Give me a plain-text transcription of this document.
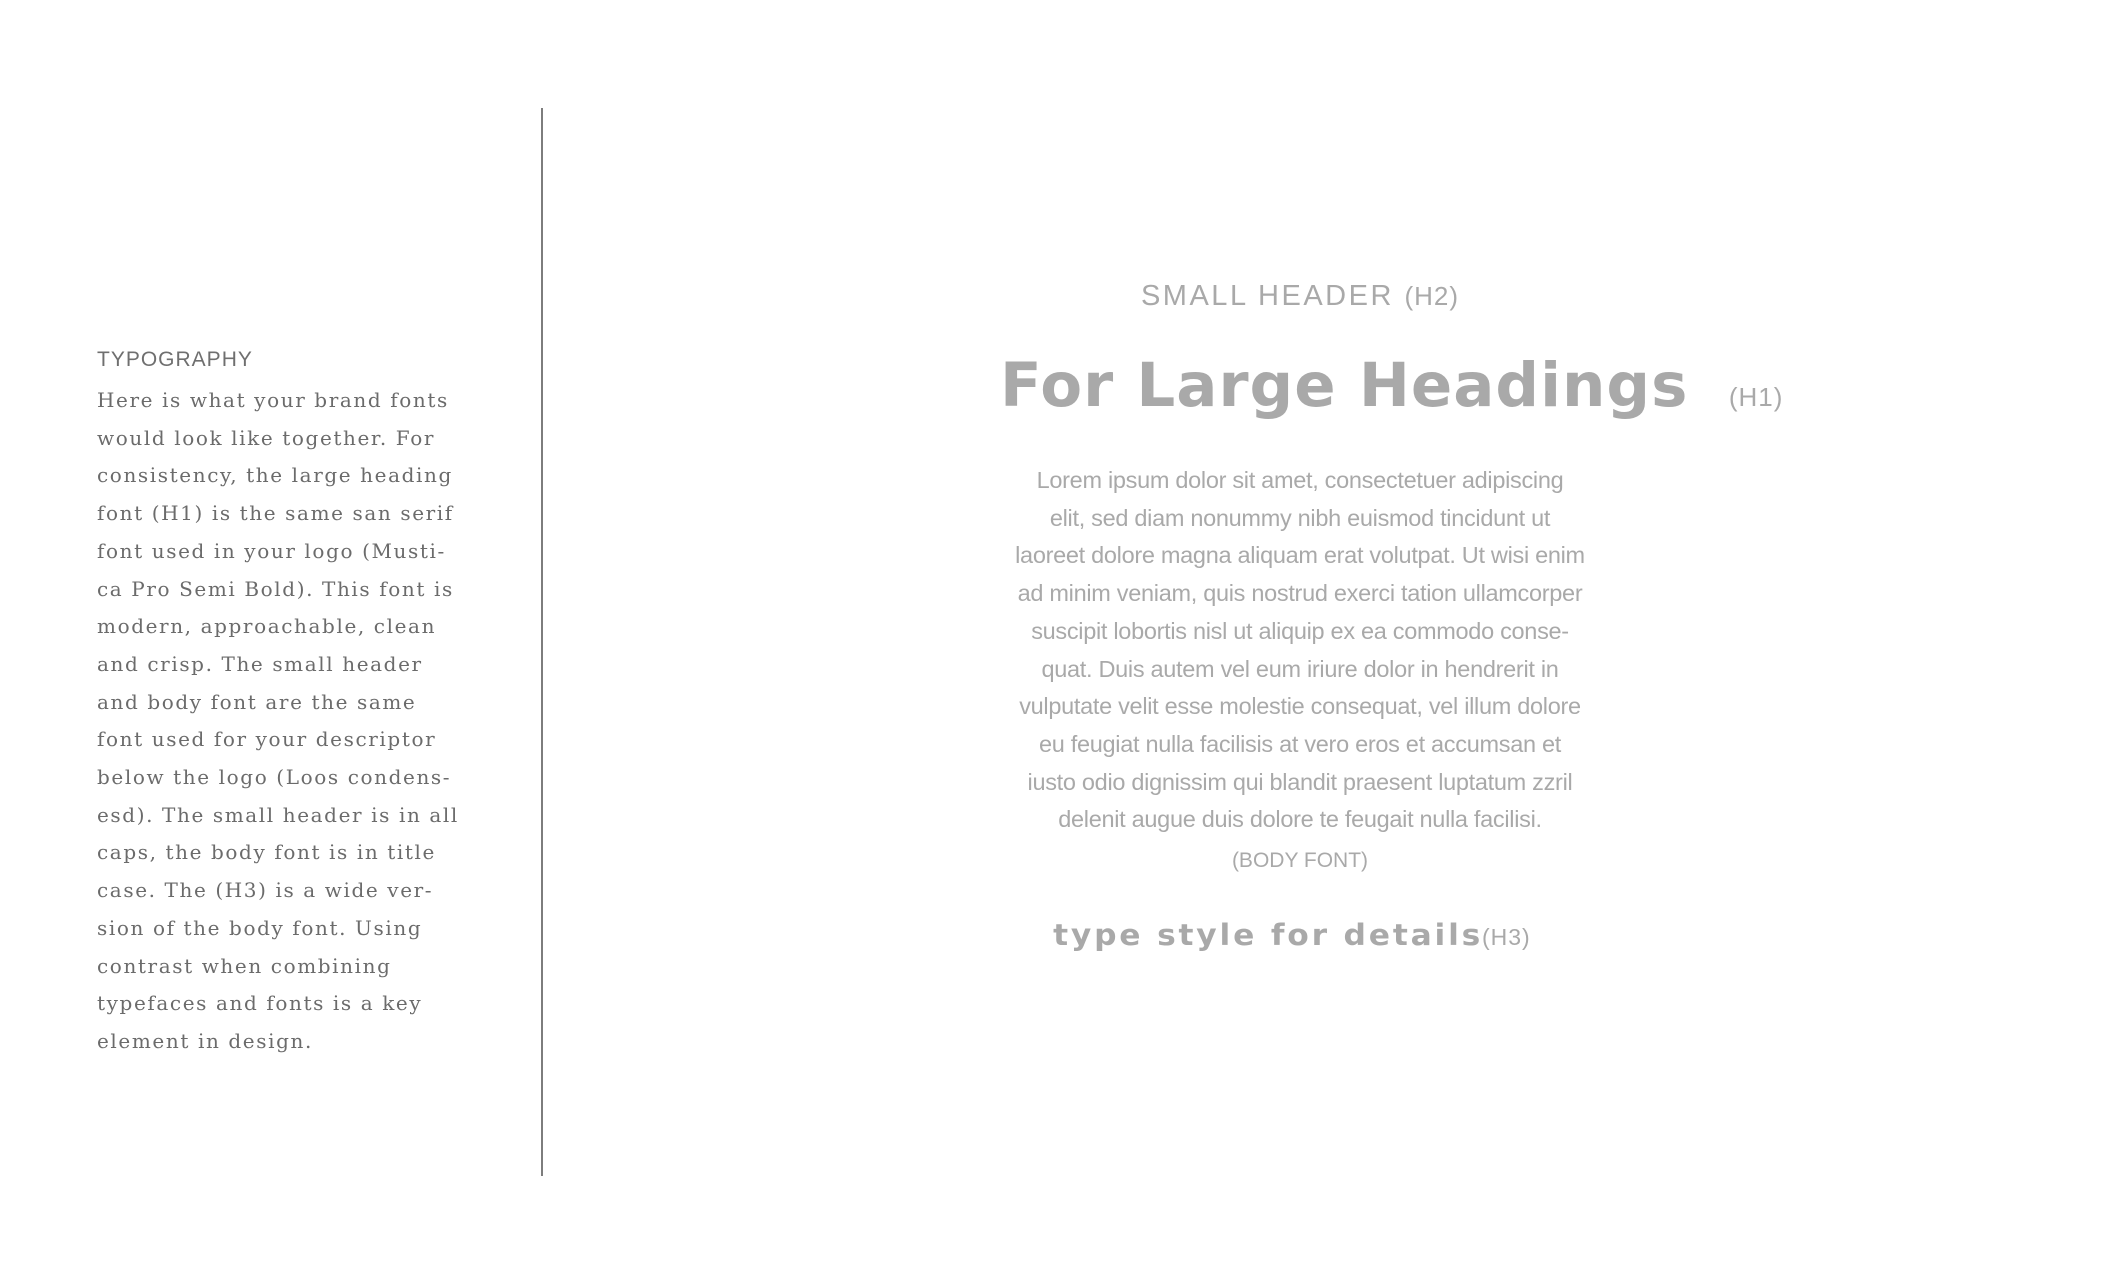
TYPOGRAPHY

Here is what your brand fonts
would look like together. For
consistency, the large heading
font (H1) is the same san serif
font used in your logo (Musti-
ca Pro Semi Bold). This font is
modern, approachable, clean
and crisp. The small header
and body font are the same
font used for your descriptor
below the logo (Loos condens-
esd). The small header is in all
caps, the body font is in title
case. The (H3) is a wide ver-
sion of the body font. Using
contrast when combining
typefaces and fonts is a key
element in design.

SMALL HEADER (H2)
For Large Headings (H1)
Lorem ipsum dolor sit amet, consectetuer adipiscing
elit, sed diam nonummy nibh euismod tincidunt ut
laoreet dolore magna aliquam erat volutpat. Ut wisi enim
ad minim veniam, quis nostrud exerci tation ullamcorper
suscipit lobortis nisl ut aliquip ex ea commodo conse-
quat. Duis autem vel eum iriure dolor in hendrerit in
vulputate velit esse molestie consequat, vel illum dolore
eu feugiat nulla facilisis at vero eros et accumsan et
iusto odio dignissim qui blandit praesent luptatum zzril
delenit augue duis dolore te feugait nulla facilisi.
(BODY FONT)
type style for details (H3)
